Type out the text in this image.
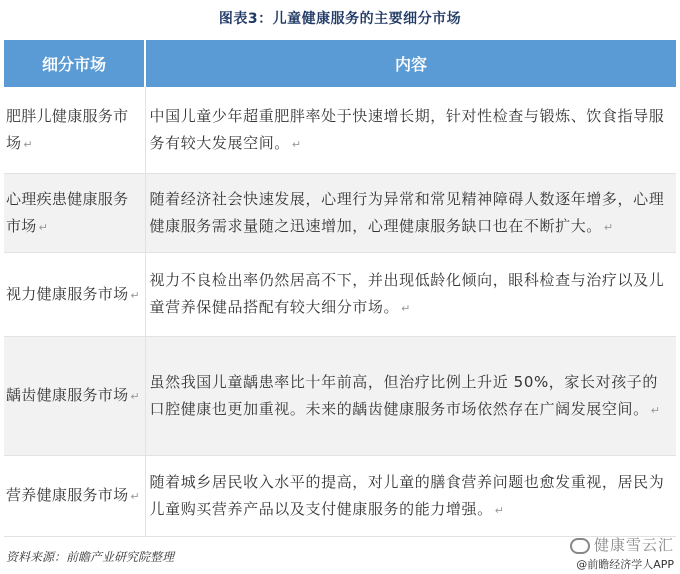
图表3：儿童健康服务的主要细分市场
细分市场	内容
肥胖儿健康服务市场 ↵	中国儿童少年超重肥胖率处于快速增长期，针对性检查与锻炼、饮食指导服务有较大发展空间。 ↵
心理疾患健康服务市场 ↵	随着经济社会快速发展，心理行为异常和常见精神障碍人数逐年增多，心理健康服务需求量随之迅速增加，心理健康服务缺口也在不断扩大。 ↵
视力健康服务市场 ↵	视力不良检出率仍然居高不下，并出现低龄化倾向，眼科检查与治疗以及儿童营养保健品搭配有较大细分市场。 ↵
龋齿健康服务市场 ↵	虽然我国儿童龋患率比十年前高，但治疗比例上升近 50%，家长对孩子的口腔健康也更加重视。未来的龋齿健康服务市场依然存在广阔发展空间。 ↵
营养健康服务市场 ↵	随着城乡居民收入水平的提高，对儿童的膳食营养问题也愈发重视，居民为儿童购买营养产品以及支付健康服务的能力增强。 ↵
资料来源：前瞻产业研究院整理
健康雪云汇
@前瞻经济学人APP
